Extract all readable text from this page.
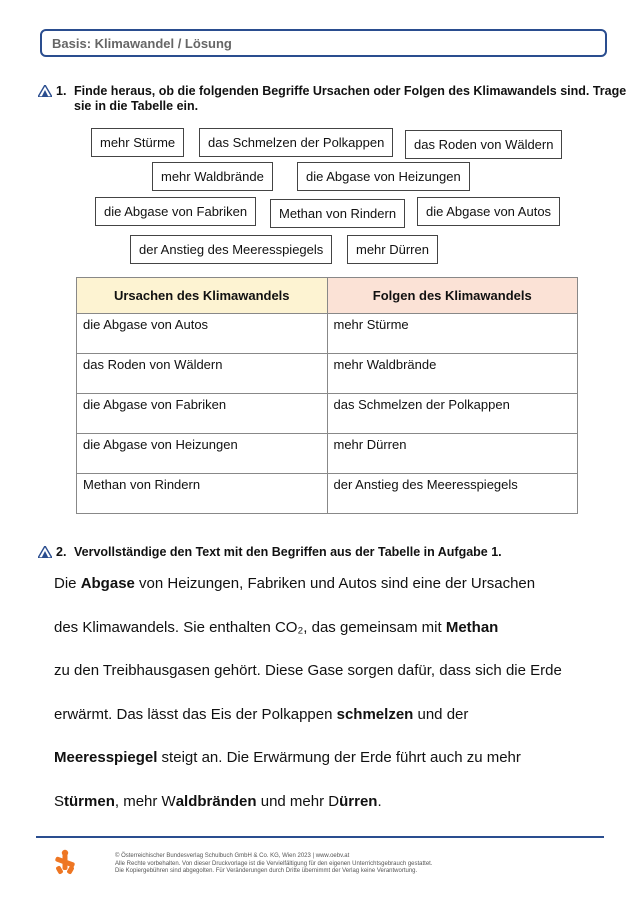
Basis: Klimawandel / Lösung
1. Finde heraus, ob die folgenden Begriffe Ursachen oder Folgen des Klimawandels sind. Trage sie in die Tabelle ein.
mehr Stürme	das Schmelzen der Polkappen	das Roden von Wäldern
mehr Waldbrände	die Abgase von Heizungen
die Abgase von Fabriken	Methan von Rindern	die Abgase von Autos
der Anstieg des Meeresspiegels	mehr Dürren
Ursachen des Klimawandels	Folgen des Klimawandels
die Abgase von Autos	mehr Stürme
das Roden von Wäldern	mehr Waldbrände
die Abgase von Fabriken	das Schmelzen der Polkappen
die Abgase von Heizungen	mehr Dürren
Methan von Rindern	der Anstieg des Meeresspiegels
2. Vervollständige den Text mit den Begriffen aus der Tabelle in Aufgabe 1.
Die Abgase von Heizungen, Fabriken und Autos sind eine der Ursachen
des Klimawandels. Sie enthalten CO₂, das gemeinsam mit Methan
zu den Treibhausgasen gehört. Diese Gase sorgen dafür, dass sich die Erde
erwärmt. Das lässt das Eis der Polkappen schmelzen und der
Meeresspiegel steigt an. Die Erwärmung der Erde führt auch zu mehr
Stürmen, mehr Waldbränden und mehr Dürren.
© Österreichischer Bundesverlag Schulbuch GmbH & Co. KG, Wien 2023 | www.oebv.at
Alle Rechte vorbehalten. Von dieser Druckvorlage ist die Vervielfältigung für den eigenen Unterrichtsgebrauch gestattet.
Die Kopiergebühren sind abgegolten. Für Veränderungen durch Dritte übernimmt der Verlag keine Verantwortung.
